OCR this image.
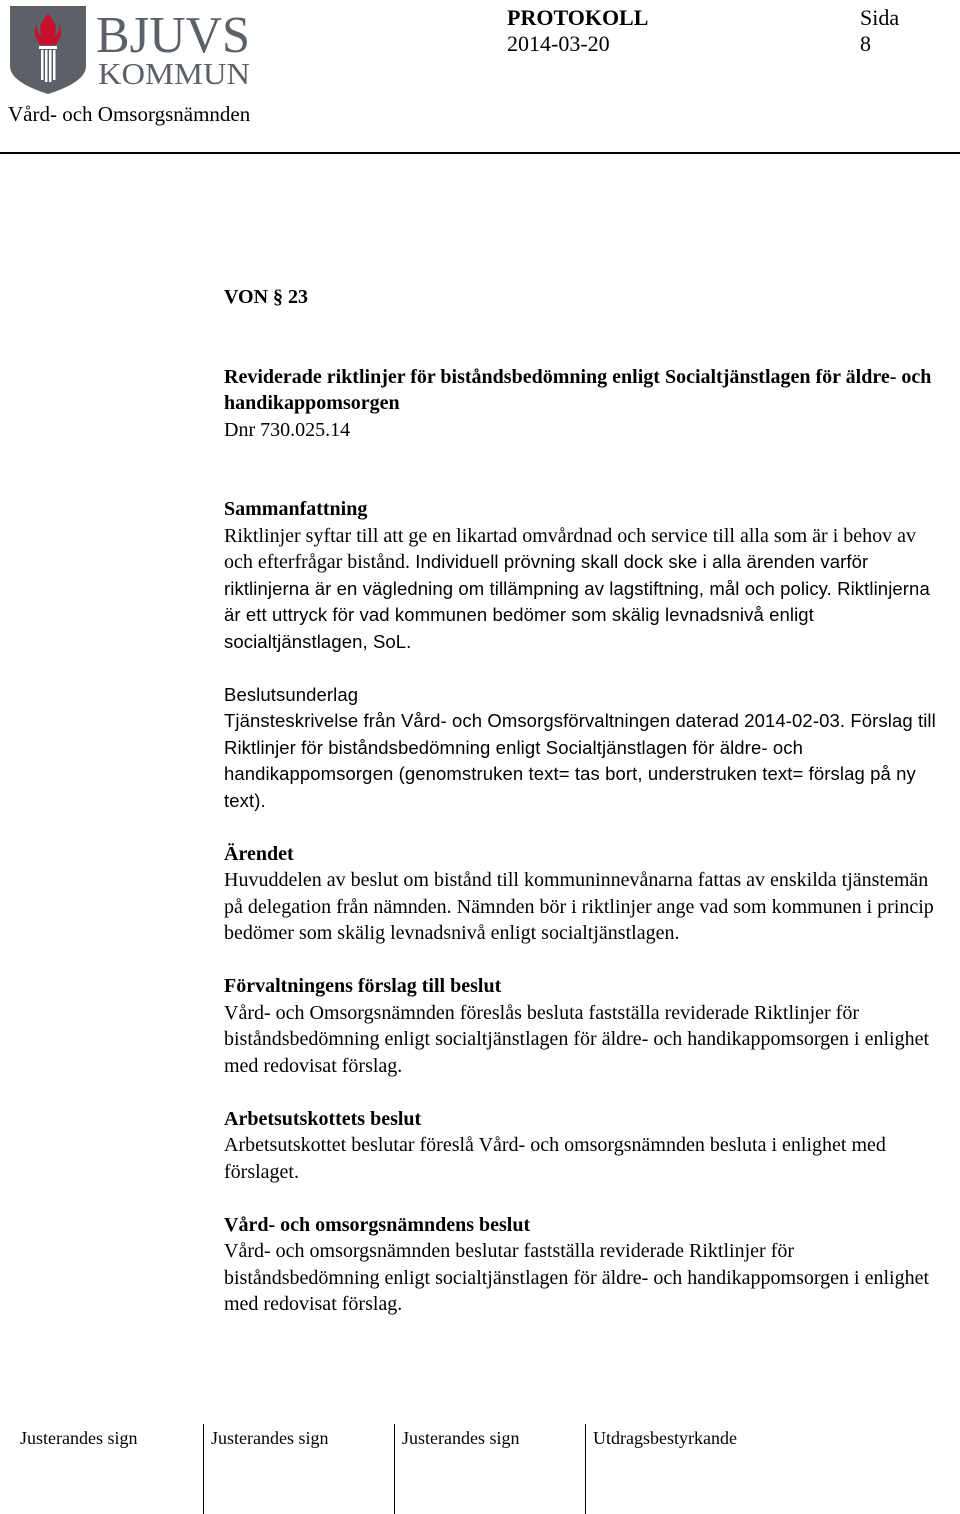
BJUVS
KOMMUN
PROTOKOLL
2014-03-20
Sida
8
Vård- och Omsorgsnämnden

VON § 23

Reviderade riktlinjer för biståndsbedömning enligt Socialtjänstlagen för äldre- och handikappomsorgen

Dnr 730.025.14

Sammanfattning

Riktlinjer syftar till att ge en likartad omvårdnad och service till alla som är i behov av och efterfrågar bistånd. Individuell prövning skall dock ske i alla ärenden varför riktlinjerna är en vägledning om tillämpning av lagstiftning, mål och policy. Riktlinjerna är ett uttryck för vad kommunen bedömer som skälig levnadsnivå enligt socialtjänstlagen, SoL.

Beslutsunderlag

Tjänsteskrivelse från Vård- och Omsorgsförvaltningen daterad 2014-02-03. Förslag till Riktlinjer för biståndsbedömning enligt Socialtjänstlagen för äldre- och handikappomsorgen (genomstruken text= tas bort, understruken text= förslag på ny text).

Ärendet

Huvuddelen av beslut om bistånd till kommuninnevånarna fattas av enskilda tjänstemän på delegation från nämnden. Nämnden bör i riktlinjer ange vad som kommunen i princip bedömer som skälig levnadsnivå enligt socialtjänstlagen.

Förvaltningens förslag till beslut

Vård- och Omsorgsnämnden föreslås besluta fastställa reviderade Riktlinjer för biståndsbedömning enligt socialtjänstlagen för äldre- och handikappomsorgen i enlighet med redovisat förslag.

Arbetsutskottets beslut

Arbetsutskottet beslutar föreslå Vård- och omsorgsnämnden besluta i enlighet med förslaget.

Vård- och omsorgsnämndens beslut

Vård- och omsorgsnämnden beslutar fastställa reviderade Riktlinjer för biståndsbedömning enligt socialtjänstlagen för äldre- och handikappomsorgen i enlighet med redovisat förslag.

Justerandes sign	Justerandes sign	Justerandes sign	Utdragsbestyrkande
